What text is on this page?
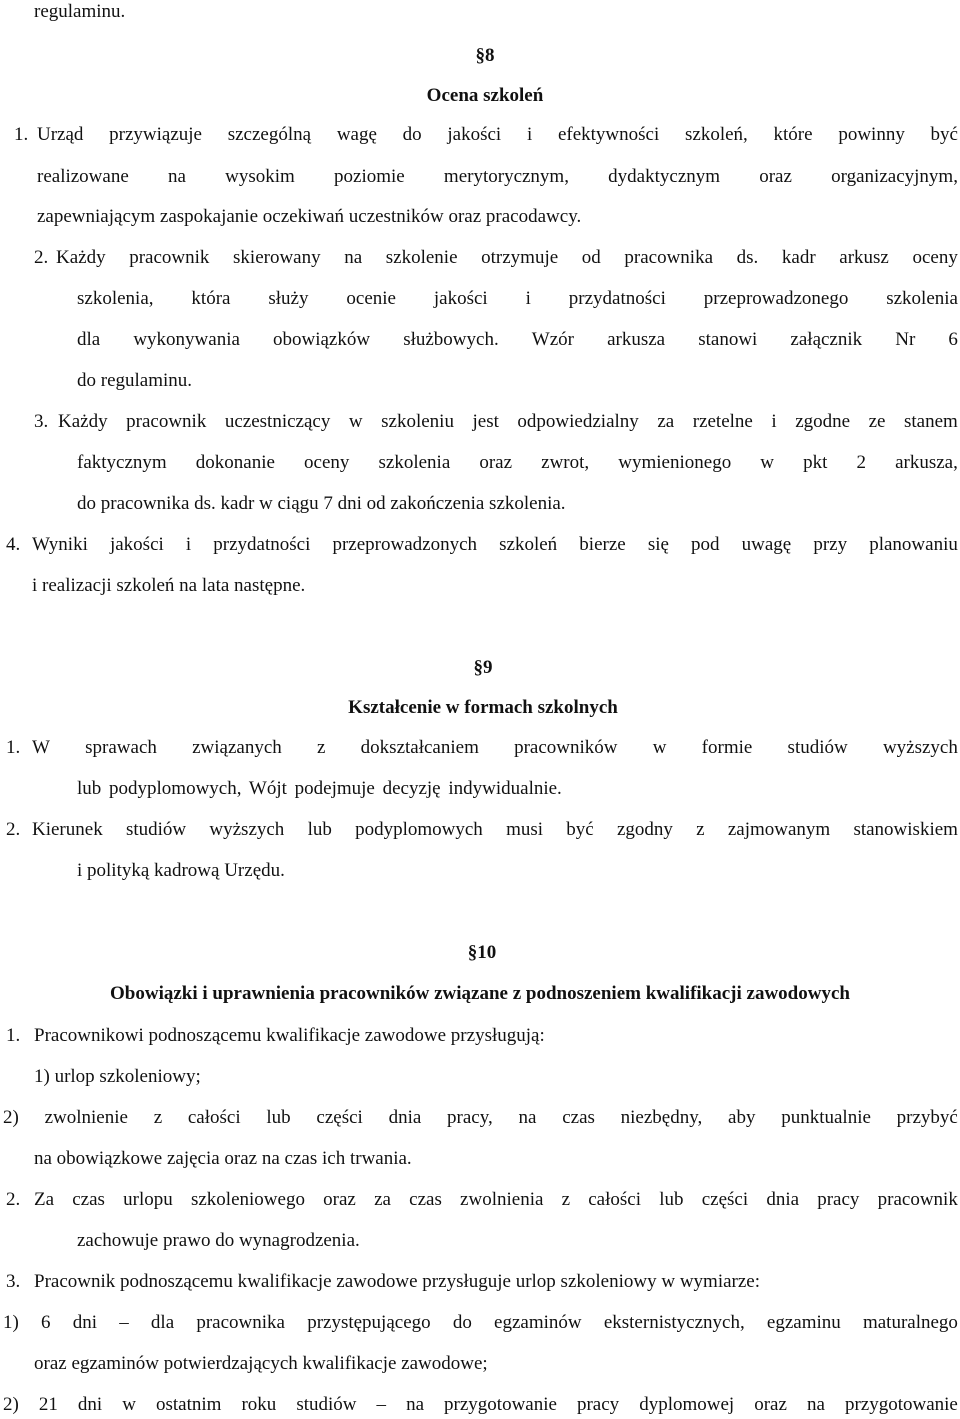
regulaminu.
§8
Ocena szkoleń
1. Urząd przywiązuje szczególną wagę do jakości i efektywności szkoleń, które powinny być
realizowane na wysokim poziomie merytorycznym, dydaktycznym oraz organizacyjnym,
zapewniającym zaspokajanie oczekiwań uczestników oraz pracodawcy.
2. Każdy pracownik skierowany na szkolenie otrzymuje od pracownika ds. kadr arkusz oceny
szkolenia, która służy ocenie jakości i przydatności przeprowadzonego szkolenia
dla wykonywania obowiązków służbowych. Wzór arkusza stanowi załącznik Nr 6
do regulaminu.
3. Każdy pracownik uczestniczący w szkoleniu jest odpowiedzialny za rzetelne i zgodne ze stanem
faktycznym dokonanie oceny szkolenia oraz zwrot, wymienionego w pkt 2 arkusza,
do pracownika ds. kadr w ciągu 7 dni od zakończenia szkolenia.
4. Wyniki jakości i przydatności przeprowadzonych szkoleń bierze się pod uwagę przy planowaniu
i realizacji szkoleń na lata następne.
§9
Kształcenie w formach szkolnych
1. W sprawach związanych z dokształcaniem pracowników w formie studiów wyższych
lub podyplomowych, Wójt podejmuje decyzję indywidualnie.
2. Kierunek studiów wyższych lub podyplomowych musi być zgodny z zajmowanym stanowiskiem
i polityką kadrową Urzędu.
§10
Obowiązki i uprawnienia pracowników związane z podnoszeniem kwalifikacji zawodowych
1. Pracownikowi podnoszącemu kwalifikacje zawodowe przysługują:
1) urlop szkoleniowy;
2) zwolnienie z całości lub części dnia pracy, na czas niezbędny, aby punktualnie przybyć
na obowiązkowe zajęcia oraz na czas ich trwania.
2. Za czas urlopu szkoleniowego oraz za czas zwolnienia z całości lub części dnia pracy pracownik
zachowuje prawo do wynagrodzenia.
3. Pracownik podnoszącemu kwalifikacje zawodowe przysługuje urlop szkoleniowy w wymiarze:
1) 6 dni – dla pracownika przystępującego do egzaminów eksternistycznych, egzaminu maturalnego
oraz egzaminów potwierdzających kwalifikacje zawodowe;
2) 21 dni w ostatnim roku studiów – na przygotowanie pracy dyplomowej oraz na przygotowanie
